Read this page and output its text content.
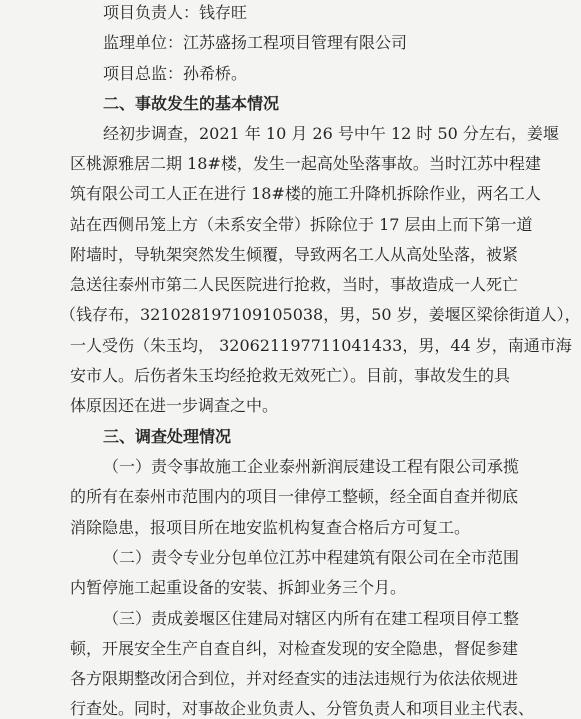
项目负责人：钱存旺
监理单位：江苏盛扬工程项目管理有限公司
项目总监：孙希桥。
二、事故发生的基本情况
经初步调查，2021 年 10 月 26 号中午 12 时 50 分左右，姜堰
区桃源雅居二期 18#楼，发生一起高处坠落事故。当时江苏中程建
筑有限公司工人正在进行 18#楼的施工升降机拆除作业，两名工人
站在西侧吊笼上方（未系安全带）拆除位于 17 层由上而下第一道
附墙时，导轨架突然发生倾覆，导致两名工人从高处坠落，被紧
急送往泰州市第二人民医院进行抢救，当时，事故造成一人死亡
（钱存布，321028197109105038，男，50 岁，姜堰区梁徐街道人），
一人受伤（朱玉均， 320621197711041433，男，44 岁，南通市海
安市人。后伤者朱玉均经抢救无效死亡）。目前，事故发生的具
体原因还在进一步调查之中。
三、调查处理情况
（一）责令事故施工企业泰州新润辰建设工程有限公司承揽
的所有在泰州市范围内的项目一律停工整顿，经全面自查并彻底
消除隐患，报项目所在地安监机构复查合格后方可复工。
（二）责令专业分包单位江苏中程建筑有限公司在全市范围
内暂停施工起重设备的安装、拆卸业务三个月。
（三）责成姜堰区住建局对辖区内所有在建工程项目停工整
顿，开展安全生产自查自纠，对检查发现的安全隐患，督促参建
各方限期整改闭合到位，并对经查实的违法违规行为依法依规进
行查处。同时，对事故企业负责人、分管负责人和项目业主代表、
